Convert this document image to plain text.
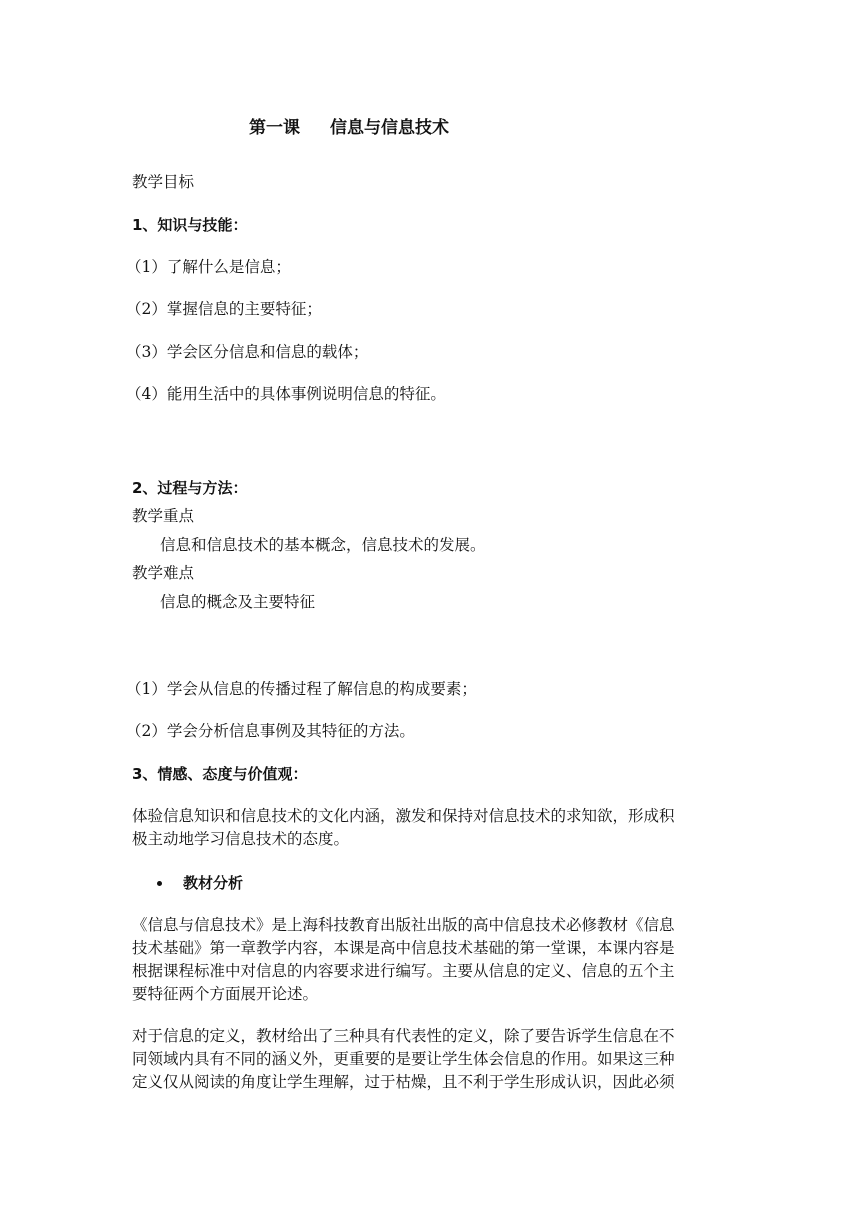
第一课 信息与信息技术
教学目标
1、知识与技能：
（1）了解什么是信息；
（2）掌握信息的主要特征；
（3）学会区分信息和信息的载体；
（4）能用生活中的具体事例说明信息的特征。
2、过程与方法：
教学重点
信息和信息技术的基本概念，信息技术的发展。
教学难点
信息的概念及主要特征
（1）学会从信息的传播过程了解信息的构成要素；
（2）学会分析信息事例及其特征的方法。
3、情感、态度与价值观：
体验信息知识和信息技术的文化内涵，激发和保持对信息技术的求知欲，形成积
极主动地学习信息技术的态度。
教材分析
《信息与信息技术》是上海科技教育出版社出版的高中信息技术必修教材《信息
技术基础》第一章教学内容，本课是高中信息技术基础的第一堂课，本课内容是
根据课程标准中对信息的内容要求进行编写。主要从信息的定义、信息的五个主
要特征两个方面展开论述。
对于信息的定义，教材给出了三种具有代表性的定义，除了要告诉学生信息在不
同领域内具有不同的涵义外，更重要的是要让学生体会信息的作用。如果这三种
定义仅从阅读的角度让学生理解，过于枯燥，且不利于学生形成认识，因此必须
